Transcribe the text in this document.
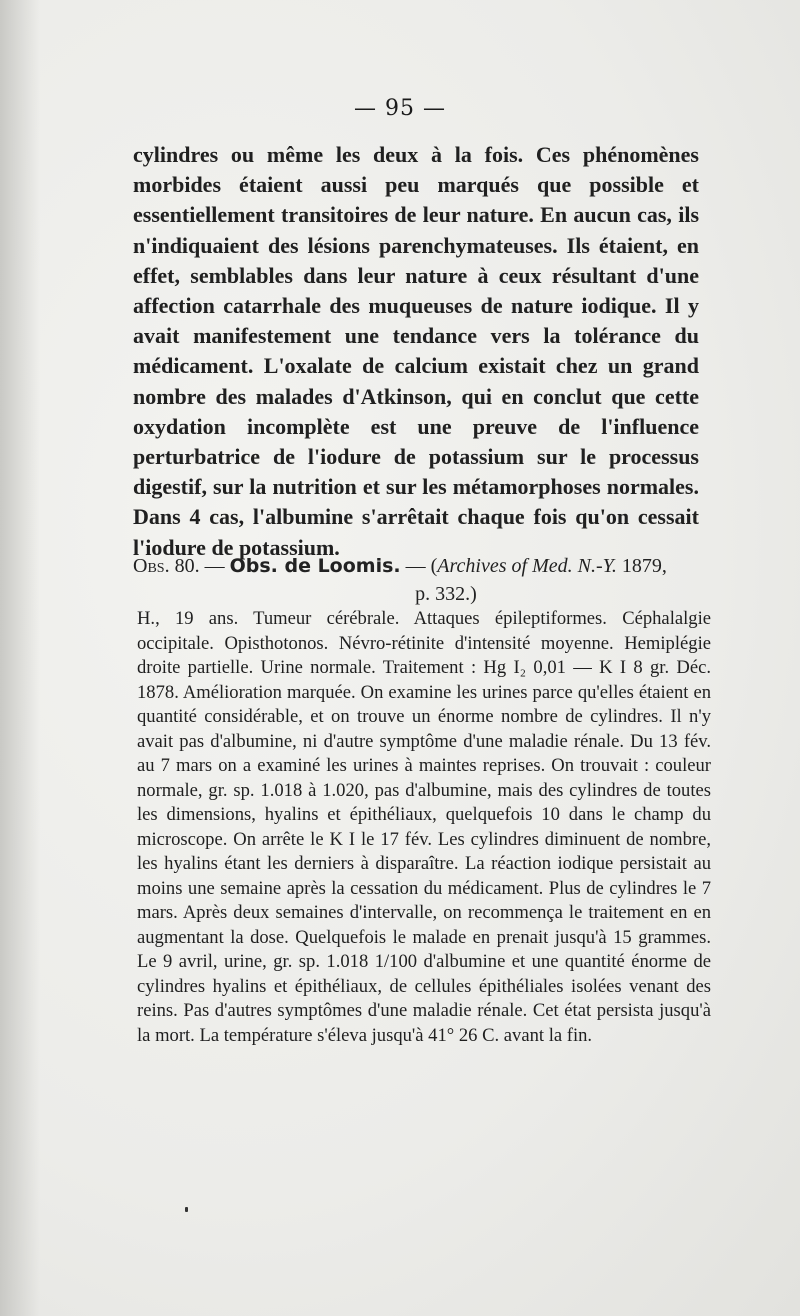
— 95 —

cylindres ou même les deux à la fois. Ces phénomènes morbides étaient aussi peu marqués que possible et essentiellement transitoires de leur nature. En aucun cas, ils n'indiquaient des lésions parenchymateuses. Ils étaient, en effet, semblables dans leur nature à ceux résultant d'une affection catarrhale des muqueuses de nature iodique. Il y avait manifestement une tendance vers la tolérance du médicament. L'oxalate de calcium existait chez un grand nombre des malades d'Atkinson, qui en conclut que cette oxydation incomplète est une preuve de l'influence perturbatrice de l'iodure de potassium sur le processus digestif, sur la nutrition et sur les métamorphoses normales. Dans 4 cas, l'albumine s'arrêtait chaque fois qu'on cessait l'iodure de potassium.

Obs. 80. — Obs. de Loomis. — (Archives of Med. N.-Y. 1879,
p. 332.)

H., 19 ans. Tumeur cérébrale. Attaques épileptiformes. Céphalalgie occipitale. Opisthotonos. Névro-rétinite d'intensité moyenne. Hemiplégie droite partielle. Urine normale. Traitement : Hg I₂ 0,01 — K I 8 gr. Déc. 1878. Amélioration marquée. On examine les urines parce qu'elles étaient en quantité considérable, et on trouve un énorme nombre de cylindres. Il n'y avait pas d'albumine, ni d'autre symptôme d'une maladie rénale. Du 13 fév. au 7 mars on a examiné les urines à maintes reprises. On trouvait : couleur normale, gr. sp. 1.018 à 1.020, pas d'albumine, mais des cylindres de toutes les dimensions, hyalins et épithéliaux, quelquefois 10 dans le champ du microscope. On arrête le K I le 17 fév. Les cylindres diminuent de nombre, les hyalins étant les derniers à disparaître. La réaction iodique persistait au moins une semaine après la cessation du médicament. Plus de cylindres le 7 mars. Après deux semaines d'intervalle, on recommença le traitement en en augmentant la dose. Quelquefois le malade en prenait jusqu'à 15 grammes. Le 9 avril, urine, gr. sp. 1.018 1/100 d'albumine et une quantité énorme de cylindres hyalins et épithéliaux, de cellules épithéliales isolées venant des reins. Pas d'autres symptômes d'une maladie rénale. Cet état persista jusqu'à la mort. La température s'éleva jusqu'à 41° 26 C. avant la fin.
